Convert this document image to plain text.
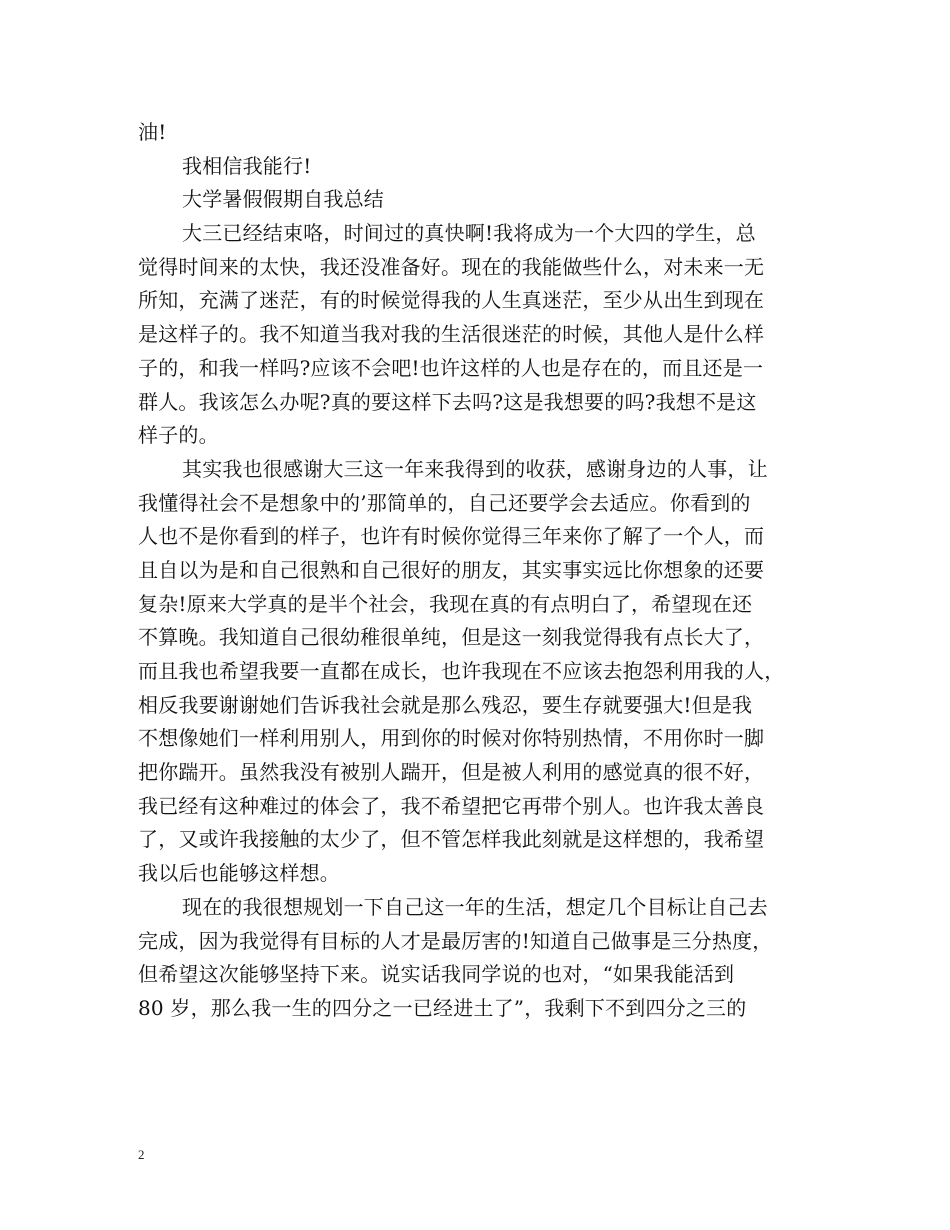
油!
我相信我能行!
大学暑假假期自我总结
大三已经结束咯，时间过的真快啊!我将成为一个大四的学生，总
觉得时间来的太快，我还没准备好。现在的我能做些什么，对未来一无
所知，充满了迷茫，有的时候觉得我的人生真迷茫，至少从出生到现在
是这样子的。我不知道当我对我的生活很迷茫的时候，其他人是什么样
子的，和我一样吗?应该不会吧!也许这样的人也是存在的，而且还是一
群人。我该怎么办呢?真的要这样下去吗?这是我想要的吗?我想不是这
样子的。
其实我也很感谢大三这一年来我得到的收获，感谢身边的人事，让
我懂得社会不是想象中的’那简单的，自己还要学会去适应。你看到的
人也不是你看到的样子，也许有时候你觉得三年来你了解了一个人，而
且自以为是和自己很熟和自己很好的朋友，其实事实远比你想象的还要
复杂!原来大学真的是半个社会，我现在真的有点明白了，希望现在还
不算晚。我知道自己很幼稚很单纯，但是这一刻我觉得我有点长大了，
而且我也希望我要一直都在成长，也许我现在不应该去抱怨利用我的人，
相反我要谢谢她们告诉我社会就是那么残忍，要生存就要强大!但是我
不想像她们一样利用别人，用到你的时候对你特别热情，不用你时一脚
把你踹开。虽然我没有被别人踹开，但是被人利用的感觉真的很不好，
我已经有这种难过的体会了，我不希望把它再带个别人。也许我太善良
了，又或许我接触的太少了，但不管怎样我此刻就是这样想的，我希望
我以后也能够这样想。
现在的我很想规划一下自己这一年的生活，想定几个目标让自己去
完成，因为我觉得有目标的人才是最厉害的!知道自己做事是三分热度，
但希望这次能够坚持下来。说实话我同学说的也对，“如果我能活到
80 岁，那么我一生的四分之一已经进土了”，我剩下不到四分之三的
2
